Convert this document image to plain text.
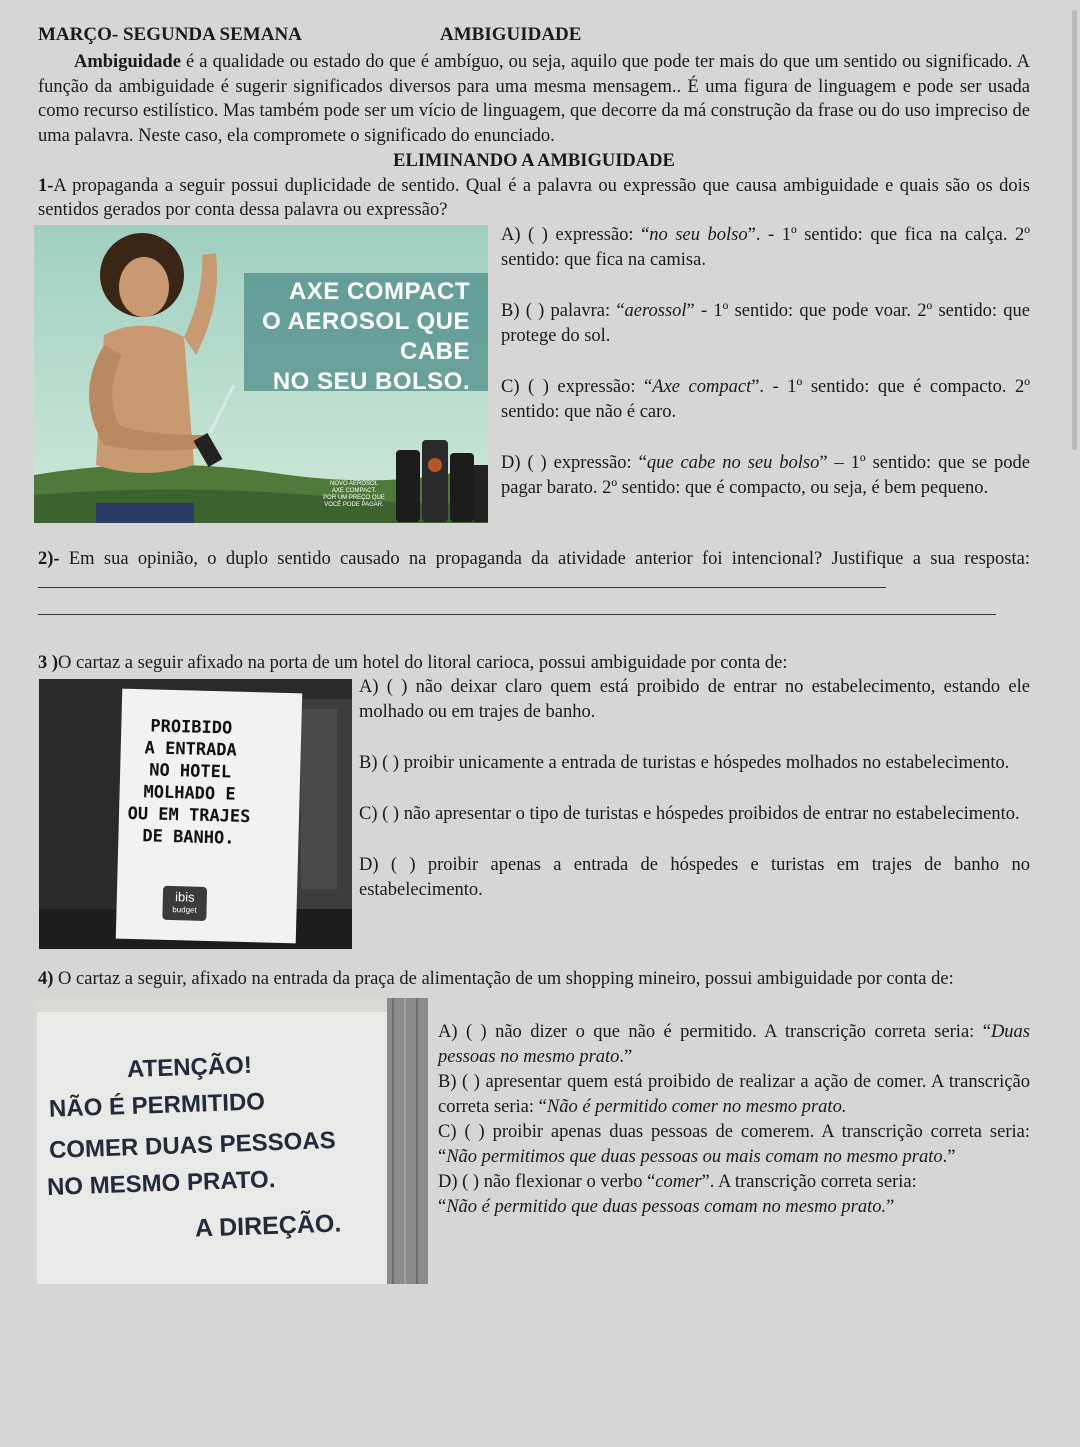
MARÇO- SEGUNDA SEMANA	AMBIGUIDADE

Ambiguidade é a qualidade ou estado do que é ambíguo, ou seja, aquilo que pode ter mais do que um sentido ou significado. A função da ambiguidade é sugerir significados diversos para uma mesma mensagem.. É uma figura de linguagem e pode ser usada como recurso estilístico. Mas também pode ser um vício de linguagem, que decorre da má construção da frase ou do uso impreciso de uma palavra. Neste caso, ela compromete o significado do enunciado.

ELIMINANDO A AMBIGUIDADE

1-A propaganda a seguir possui duplicidade de sentido. Qual é a palavra ou expressão que causa ambiguidade e quais são os dois sentidos gerados por conta dessa palavra ou expressão?

AXE COMPACT
O AEROSOL QUE CABE
NO SEU BOLSO.
NOVO AEROSOL
AXE COMPACT.
POR UM PREÇO QUE
VOCÊ PODE PAGAR.
A) ( ) expressão: “no seu bolso”. - 1º sentido: que fica na calça. 2º sentido: que fica na camisa.
B) ( ) palavra: “aerossol” - 1º sentido: que pode voar. 2º sentido: que protege do sol.
C) ( ) expressão: “Axe compact”. - 1º sentido: que é compacto. 2º sentido: que não é caro.
D) ( ) expressão: “que cabe no seu bolso” – 1º sentido: que se pode pagar barato. 2º sentido: que é compacto, ou seja, é bem pequeno.

2)- Em sua opinião, o duplo sentido causado na propaganda da atividade anterior foi intencional? Justifique a sua resposta:

3 )O cartaz a seguir afixado na porta de um hotel do litoral carioca, possui ambiguidade por conta de:

PROIBIDO
A ENTRADA
NO HOTEL
MOLHADO E
OU EM TRAJES
DE BANHO.
ibis
budget
A) ( ) não deixar claro quem está proibido de entrar no estabelecimento, estando ele molhado ou em trajes de banho.
B) ( ) proibir unicamente a entrada de turistas e hóspedes molhados no estabelecimento.
C) ( ) não apresentar o tipo de turistas e hóspedes proibidos de entrar no estabelecimento.
D) ( ) proibir apenas a entrada de hóspedes e turistas em trajes de banho no estabelecimento.

4) O cartaz a seguir, afixado na entrada da praça de alimentação de um shopping mineiro, possui ambiguidade por conta de:

ATENÇÃO!
NÃO É PERMITIDO
COMER DUAS PESSOAS
NO MESMO PRATO.
A DIREÇÃO.
A) ( ) não dizer o que não é permitido. A transcrição correta seria: “Duas pessoas no mesmo prato.”
B) ( ) apresentar quem está proibido de realizar a ação de comer. A transcrição correta seria: “Não é permitido comer no mesmo prato.
C) ( ) proibir apenas duas pessoas de comerem. A transcrição correta seria: “Não permitimos que duas pessoas ou mais comam no mesmo prato.”
D) ( ) não flexionar o verbo “comer”. A transcrição correta seria:
“Não é permitido que duas pessoas comam no mesmo prato.”
